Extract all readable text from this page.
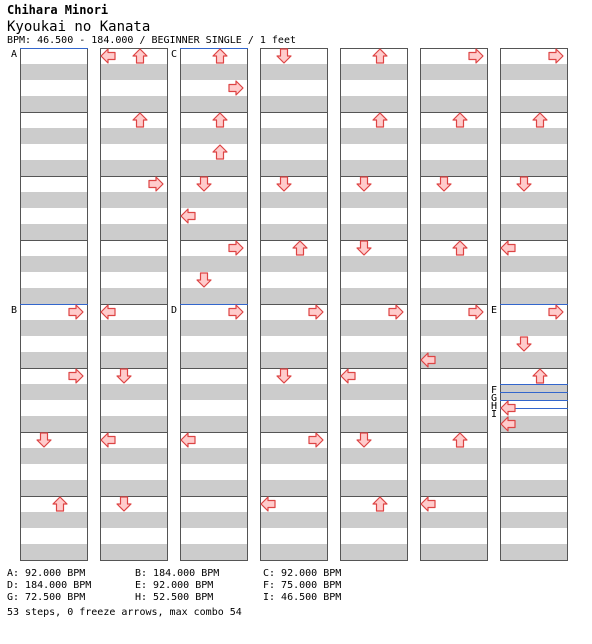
Chihara Minori
Kyoukai no Kanata
BPM: 46.500 - 184.000 / BEGINNER SINGLE / 1 feet
A	C
B	D	E
F
G
H
I
A: 92.000 BPM	B: 184.000 BPM	C: 92.000 BPM
D: 184.000 BPM	E: 92.000 BPM	F: 75.000 BPM
G: 72.500 BPM	H: 52.500 BPM	I: 46.500 BPM
53 steps, 0 freeze arrows, max combo 54
